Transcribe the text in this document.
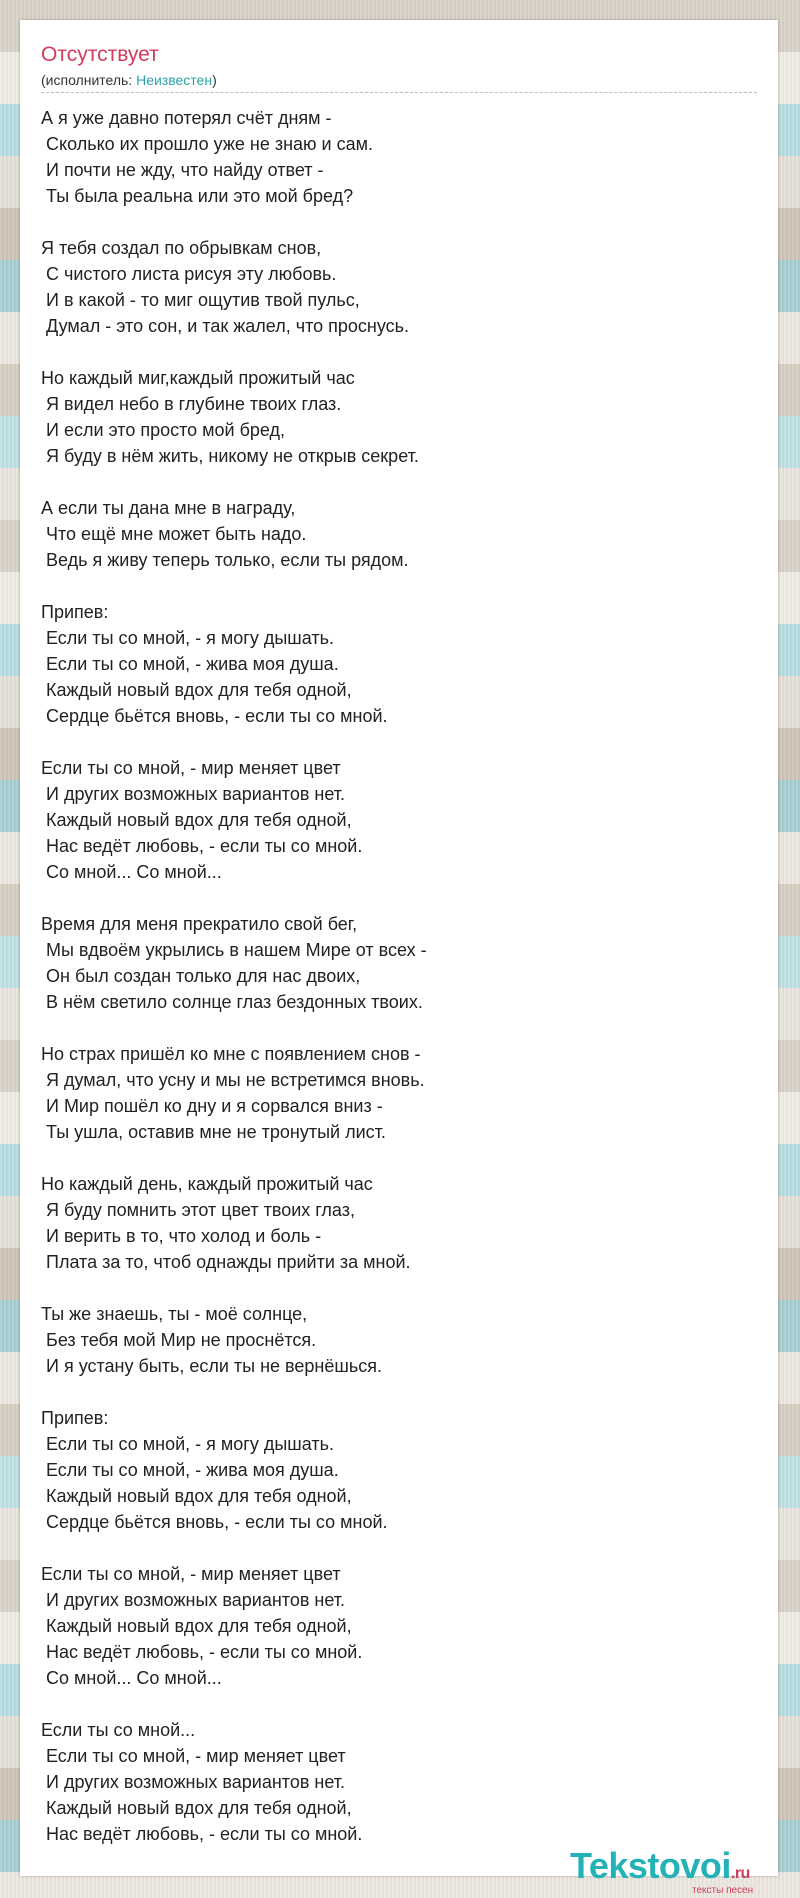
Отсутствует
(исполнитель: Неизвестен)
А я уже давно потерял счёт дням -
Сколько их прошло уже не знаю и сам.
И почти не жду, что найду ответ -
Ты была реальна или это мой бред?
Я тебя создал по обрывкам снов,
С чистого листа рисуя эту любовь.
И в какой - то миг ощутив твой пульс,
Думал - это сон, и так жалел, что проснусь.
Но каждый миг,каждый прожитый час
Я видел небо в глубине твоих глаз.
И если это просто мой бред,
Я буду в нём жить, никому не открыв секрет.
А если ты дана мне в награду,
Что ещё мне может быть надо.
Ведь я живу теперь только, если ты рядом.
Припев:
Если ты со мной, - я могу дышать.
Если ты со мной, - жива моя душа.
Каждый новый вдох для тебя одной,
Сердце бьётся вновь, - если ты со мной.
Если ты со мной, - мир меняет цвет
И других возможных вариантов нет.
Каждый новый вдох для тебя одной,
Нас ведёт любовь, - если ты со мной.
Со мной... Со мной...
Время для меня прекратило свой бег,
Мы вдвоём укрылись в нашем Мире от всех -
Он был создан только для нас двоих,
В нём светило солнце глаз бездонных твоих.
Но страх пришёл ко мне с появлением снов -
Я думал, что усну и мы не встретимся вновь.
И Мир пошёл ко дну и я сорвался вниз -
Ты ушла, оставив мне не тронутый лист.
Но каждый день, каждый прожитый час
Я буду помнить этот цвет твоих глаз,
И верить в то, что холод и боль -
Плата за то, чтоб однажды прийти за мной.
Ты же знаешь, ты - моё солнце,
Без тебя мой Мир не проснётся.
И я устану быть, если ты не вернёшься.
Припев:
Если ты со мной, - я могу дышать.
Если ты со мной, - жива моя душа.
Каждый новый вдох для тебя одной,
Сердце бьётся вновь, - если ты со мной.
Если ты со мной, - мир меняет цвет
И других возможных вариантов нет.
Каждый новый вдох для тебя одной,
Нас ведёт любовь, - если ты со мной.
Со мной... Со мной...
Если ты со мной...
Если ты со мной, - мир меняет цвет
И других возможных вариантов нет.
Каждый новый вдох для тебя одной,
Нас ведёт любовь, - если ты со мной.
Tekstovoi.ru
тексты песен
